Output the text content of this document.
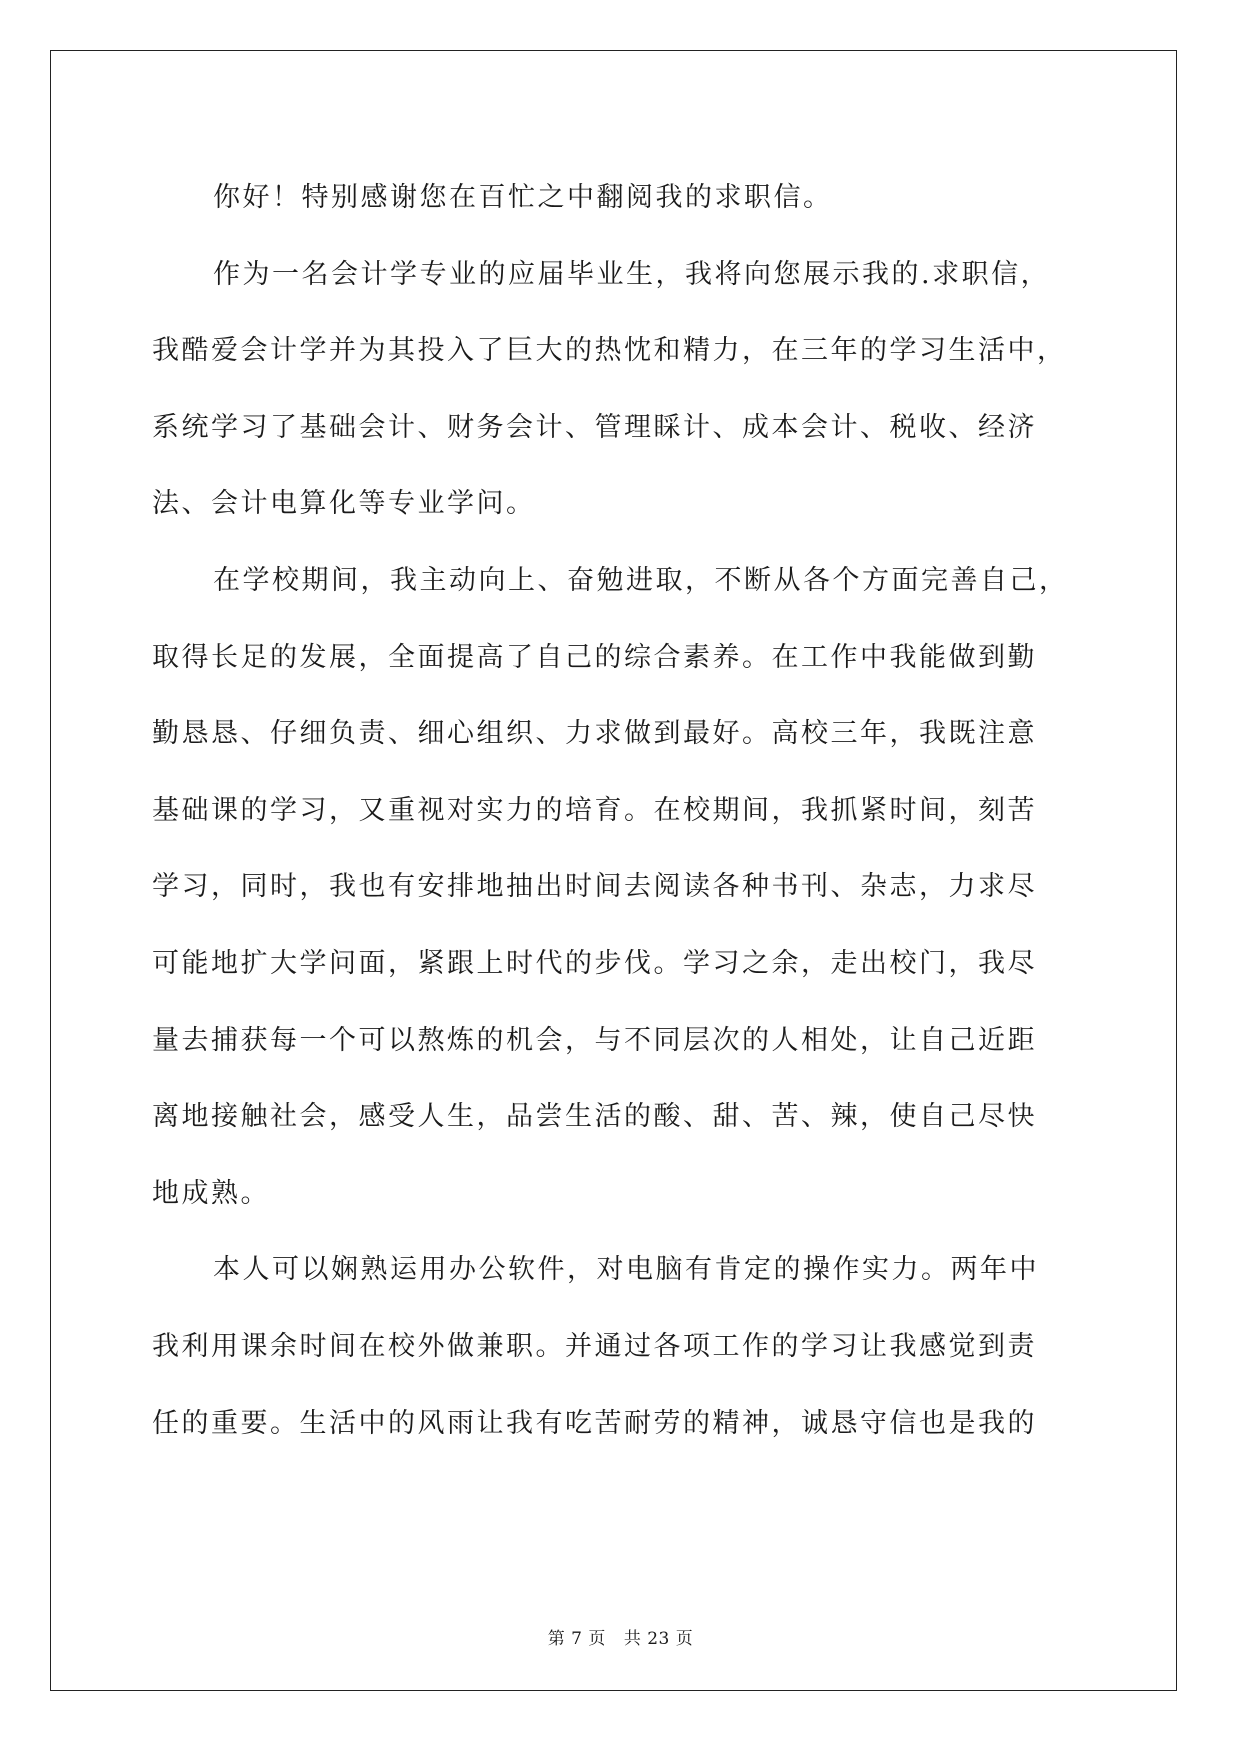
你好！特别感谢您在百忙之中翻阅我的求职信。
作为一名会计学专业的应届毕业生，我将向您展示我的.求职信，
我酷爱会计学并为其投入了巨大的热忱和精力，在三年的学习生活中，
系统学习了基础会计、财务会计、管理睬计、成本会计、税收、经济
法、会计电算化等专业学问。
在学校期间，我主动向上、奋勉进取，不断从各个方面完善自己，
取得长足的发展，全面提高了自己的综合素养。在工作中我能做到勤
勤恳恳、仔细负责、细心组织、力求做到最好。高校三年，我既注意
基础课的学习，又重视对实力的培育。在校期间，我抓紧时间，刻苦
学习，同时，我也有安排地抽出时间去阅读各种书刊、杂志，力求尽
可能地扩大学问面，紧跟上时代的步伐。学习之余，走出校门，我尽
量去捕获每一个可以熬炼的机会，与不同层次的人相处，让自己近距
离地接触社会，感受人生，品尝生活的酸、甜、苦、辣，使自己尽快
地成熟。
本人可以娴熟运用办公软件，对电脑有肯定的操作实力。两年中
我利用课余时间在校外做兼职。并通过各项工作的学习让我感觉到责
任的重要。生活中的风雨让我有吃苦耐劳的精神，诚恳守信也是我的
第 7 页 共 23 页
